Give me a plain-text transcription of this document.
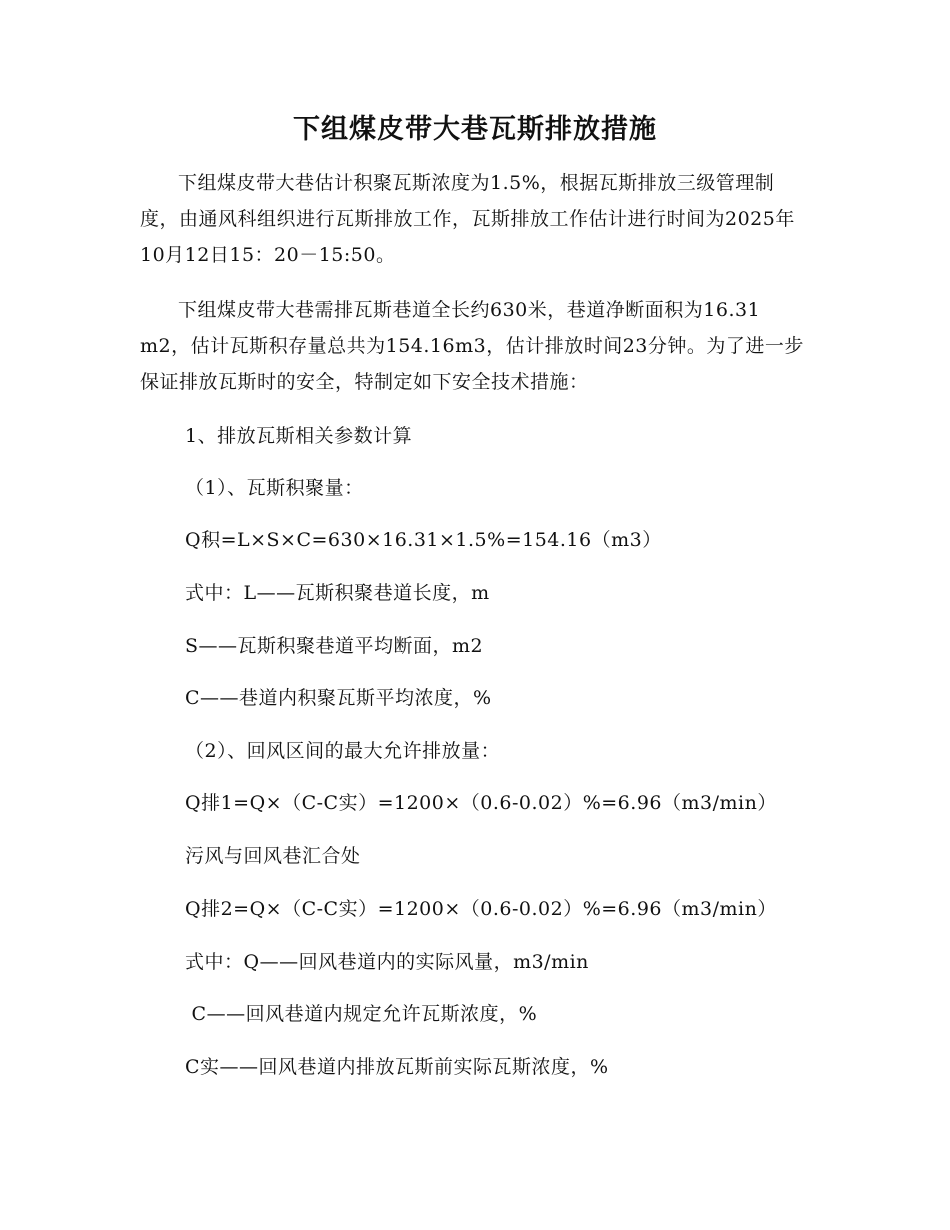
下组煤皮带大巷瓦斯排放措施

下组煤皮带大巷估计积聚瓦斯浓度为1.5%，根据瓦斯排放三级管理制度，由通风科组织进行瓦斯排放工作，瓦斯排放工作估计进行时间为2025年10月12日15：20－15:50。

下组煤皮带大巷需排瓦斯巷道全长约630米，巷道净断面积为16.31 m2，估计瓦斯积存量总共为154.16m3，估计排放时间23分钟。为了进一步保证排放瓦斯时的安全，特制定如下安全技术措施：

1、排放瓦斯相关参数计算

（1）、瓦斯积聚量：

Q积=L×S×C=630×16.31×1.5%=154.16（m3）

式中：L——瓦斯积聚巷道长度，m

S——瓦斯积聚巷道平均断面，m2

C——巷道内积聚瓦斯平均浓度，%

（2）、回风区间的最大允许排放量：

Q排1=Q×（C-C实）=1200×（0.6-0.02）%=6.96（m3/min）

污风与回风巷汇合处

Q排2=Q×（C-C实）=1200×（0.6-0.02）%=6.96（m3/min）

式中：Q——回风巷道内的实际风量，m3/min

C——回风巷道内规定允许瓦斯浓度，%

C实——回风巷道内排放瓦斯前实际瓦斯浓度，%
